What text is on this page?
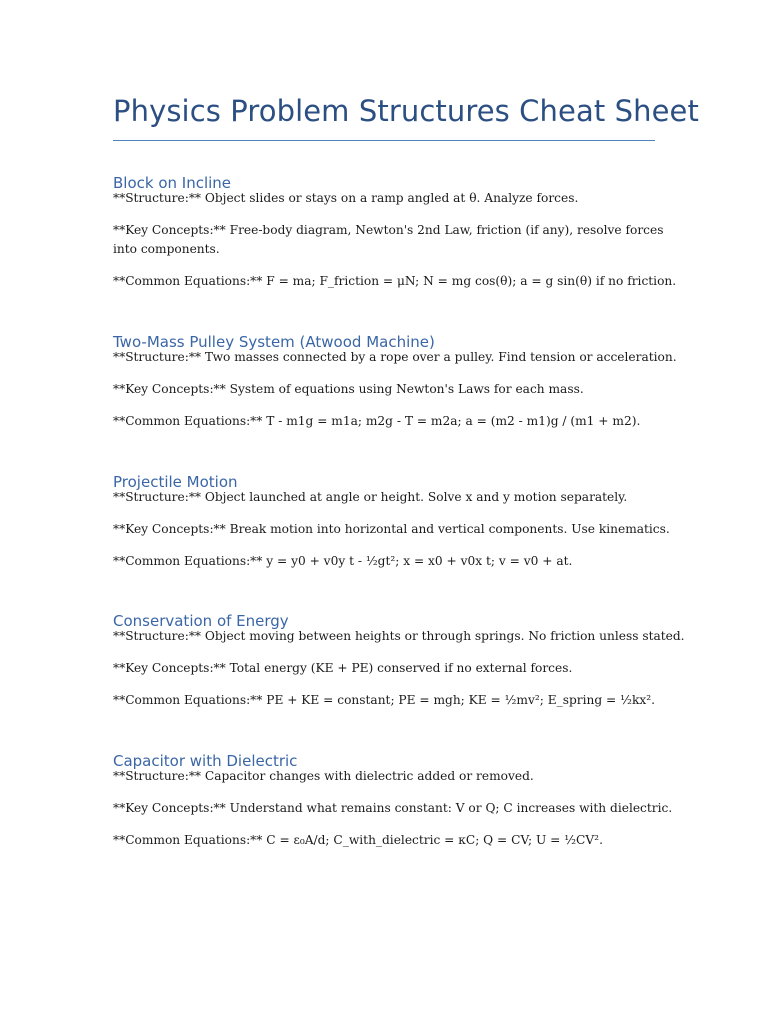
Physics Problem Structures Cheat Sheet
Block on Incline

**Structure:** Object slides or stays on a ramp angled at θ. Analyze forces.

**Key Concepts:** Free-body diagram, Newton's 2nd Law, friction (if any), resolve forces

into components.

**Common Equations:** F = ma; F_friction = μN; N = mg cos(θ); a = g sin(θ) if no friction.

Two-Mass Pulley System (Atwood Machine)

**Structure:** Two masses connected by a rope over a pulley. Find tension or acceleration.

**Key Concepts:** System of equations using Newton's Laws for each mass.

**Common Equations:** T - m1g = m1a; m2g - T = m2a; a = (m2 - m1)g / (m1 + m2).

Projectile Motion

**Structure:** Object launched at angle or height. Solve x and y motion separately.

**Key Concepts:** Break motion into horizontal and vertical components. Use kinematics.

**Common Equations:** y = y0 + v0y t - ½gt²; x = x0 + v0x t; v = v0 + at.

Conservation of Energy

**Structure:** Object moving between heights or through springs. No friction unless stated.

**Key Concepts:** Total energy (KE + PE) conserved if no external forces.

**Common Equations:** PE + KE = constant; PE = mgh; KE = ½mv²; E_spring = ½kx².

Capacitor with Dielectric

**Structure:** Capacitor changes with dielectric added or removed.

**Key Concepts:** Understand what remains constant: V or Q; C increases with dielectric.

**Common Equations:** C = ε₀A/d; C_with_dielectric = κC; Q = CV; U = ½CV².
